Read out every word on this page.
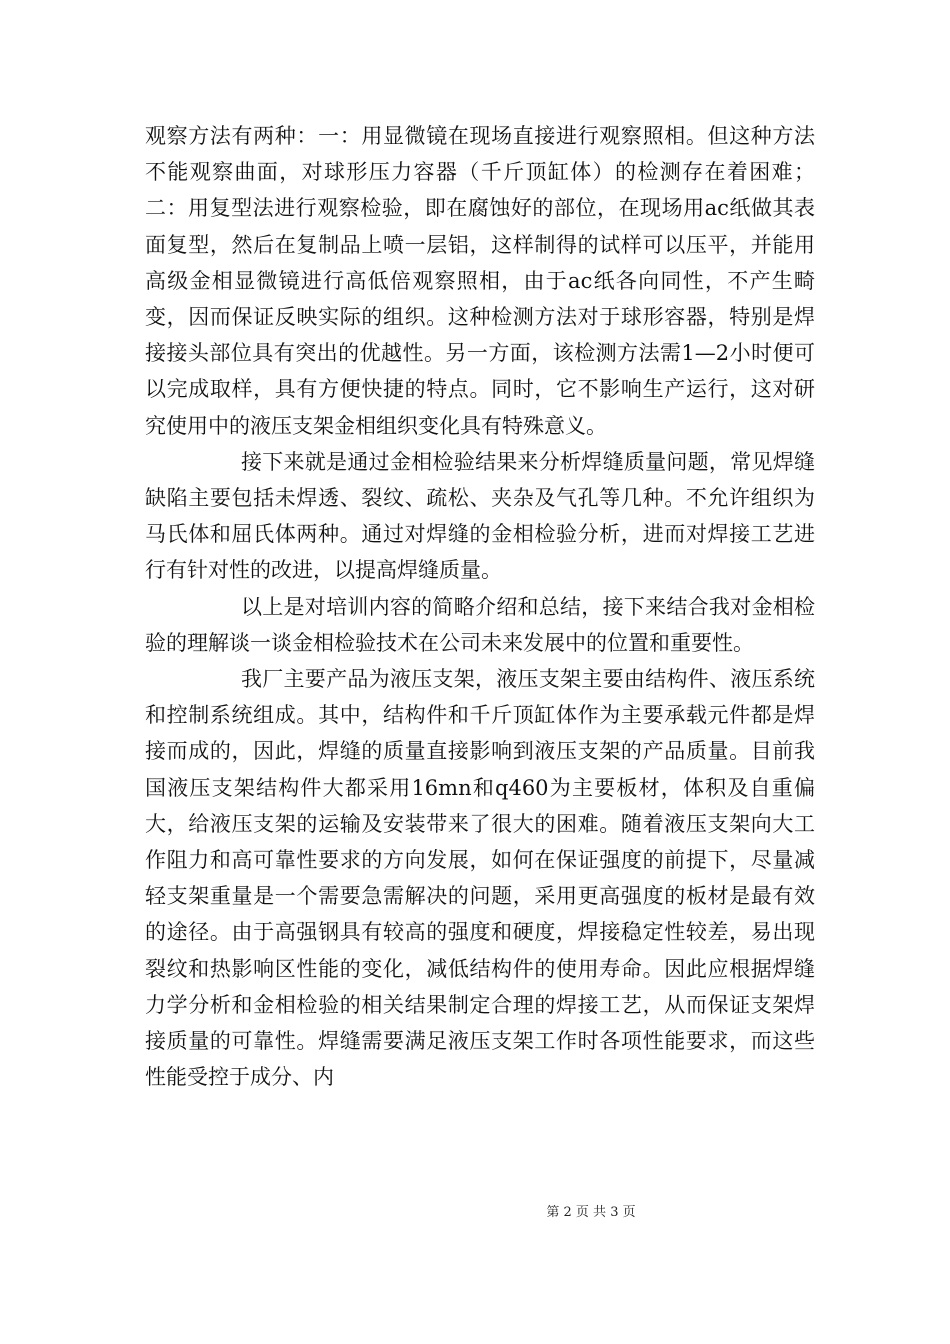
观察方法有两种：一：用显微镜在现场直接进行观察照相。但这种方法不能观察曲面，对球形压力容器（千斤顶缸体）的检测存在着困难；二：用复型法进行观察检验，即在腐蚀好的部位，在现场用ac纸做其表面复型，然后在复制品上喷一层铝，这样制得的试样可以压平，并能用高级金相显微镜进行高低倍观察照相，由于ac纸各向同性，不产生畸变，因而保证反映实际的组织。这种检测方法对于球形容器，特别是焊接接头部位具有突出的优越性。另一方面，该检测方法需1—2小时便可以完成取样，具有方便快捷的特点。同时，它不影响生产运行，这对研究使用中的液压支架金相组织变化具有特殊意义。

接下来就是通过金相检验结果来分析焊缝质量问题，常见焊缝缺陷主要包括未焊透、裂纹、疏松、夹杂及气孔等几种。不允许组织为马氏体和屈氏体两种。通过对焊缝的金相检验分析，进而对焊接工艺进行有针对性的改进，以提高焊缝质量。

以上是对培训内容的简略介绍和总结，接下来结合我对金相检验的理解谈一谈金相检验技术在公司未来发展中的位置和重要性。

我厂主要产品为液压支架，液压支架主要由结构件、液压系统和控制系统组成。其中，结构件和千斤顶缸体作为主要承载元件都是焊接而成的，因此，焊缝的质量直接影响到液压支架的产品质量。目前我国液压支架结构件大都采用16mn和q460为主要板材，体积及自重偏大，给液压支架的运输及安装带来了很大的困难。随着液压支架向大工作阻力和高可靠性要求的方向发展，如何在保证强度的前提下，尽量减轻支架重量是一个需要急需解决的问题，采用更高强度的板材是最有效的途径。由于高强钢具有较高的强度和硬度，焊接稳定性较差，易出现裂纹和热影响区性能的变化，减低结构件的使用寿命。因此应根据焊缝力学分析和金相检验的相关结果制定合理的焊接工艺，从而保证支架焊接质量的可靠性。焊缝需要满足液压支架工作时各项性能要求，而这些性能受控于成分、内

第 2 页 共 3 页
